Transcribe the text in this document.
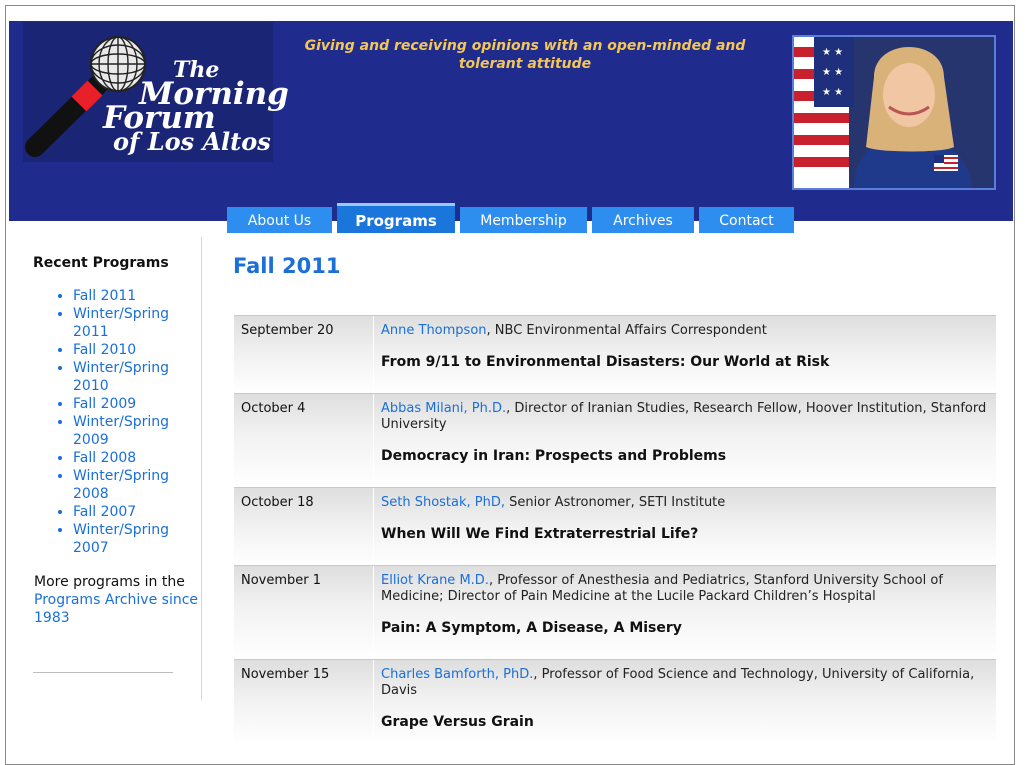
The
Morning
Forum
of Los Altos
Giving and receiving opinions with an open-minded and tolerant attitude
★ ★
★ ★
★ ★
About Us	Programs	Membership	Archives	Contact
Recent Programs
• Fall 2011
• Winter/Spring 2011
• Fall 2010
• Winter/Spring 2010
• Fall 2009
• Winter/Spring 2009
• Fall 2008
• Winter/Spring 2008
• Fall 2007
• Winter/Spring 2007
More programs in the Programs Archive since 1983
Fall 2011
September 20	Anne Thompson, NBC Environmental Affairs Correspondent
From 9/11 to Environmental Disasters: Our World at Risk
October 4	Abbas Milani, Ph.D., Director of Iranian Studies, Research Fellow, Hoover Institution, Stanford University
Democracy in Iran: Prospects and Problems
October 18	Seth Shostak, PhD, Senior Astronomer, SETI Institute
When Will We Find Extraterrestrial Life?
November 1	Elliot Krane M.D., Professor of Anesthesia and Pediatrics, Stanford University School of Medicine; Director of Pain Medicine at the Lucile Packard Children’s Hospital
Pain: A Symptom, A Disease, A Misery
November 15	Charles Bamforth, PhD., Professor of Food Science and Technology, University of California, Davis
Grape Versus Grain
